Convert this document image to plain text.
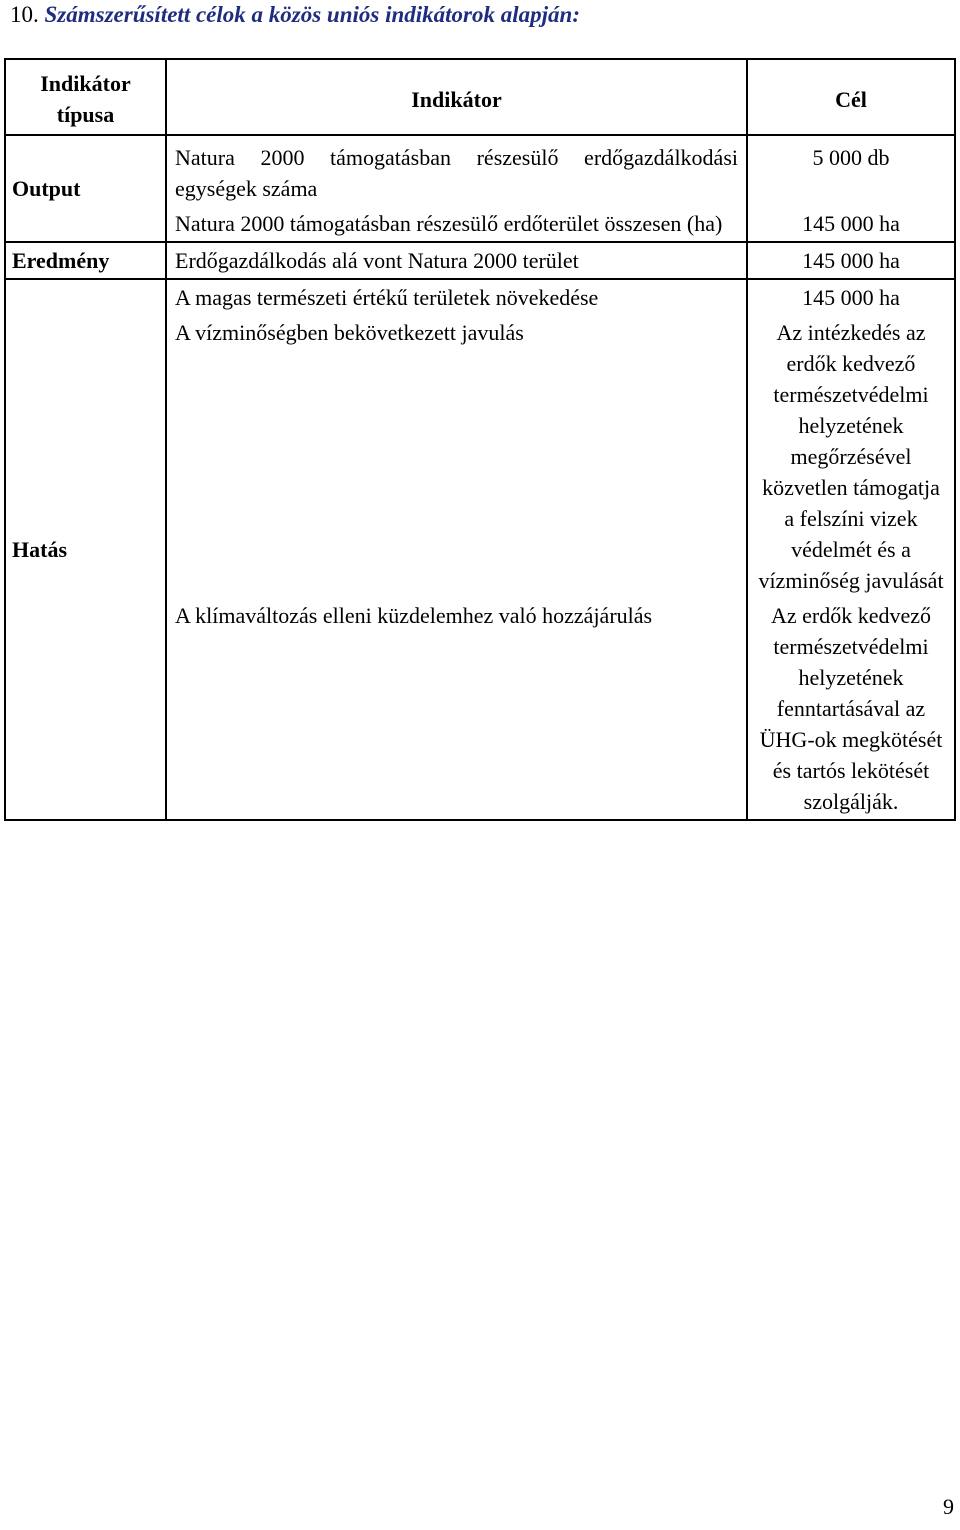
10. Számszerűsített célok a közös uniós indikátorok alapján:
Indikátor típusa	Indikátor	Cél
Output	Natura 2000 támogatásban részesülő erdőgazdálkodási egységek száma	5 000 db
	Natura 2000 támogatásban részesülő erdőterület összesen (ha)	145 000 ha
Eredmény	Erdőgazdálkodás alá vont Natura 2000 terület	145 000 ha
Hatás	A magas természeti értékű területek növekedése	145 000 ha
	A vízminőségben bekövetkezett javulás	Az intézkedés az erdők kedvező természetvédelmi helyzetének megőrzésével közvetlen támogatja a felszíni vizek védelmét és a vízminőség javulását
	A klímaváltozás elleni küzdelemhez való hozzájárulás	Az erdők kedvező természetvédelmi helyzetének fenntartásával az ÜHG-ok megkötését és tartós lekötését szolgálják.
9
